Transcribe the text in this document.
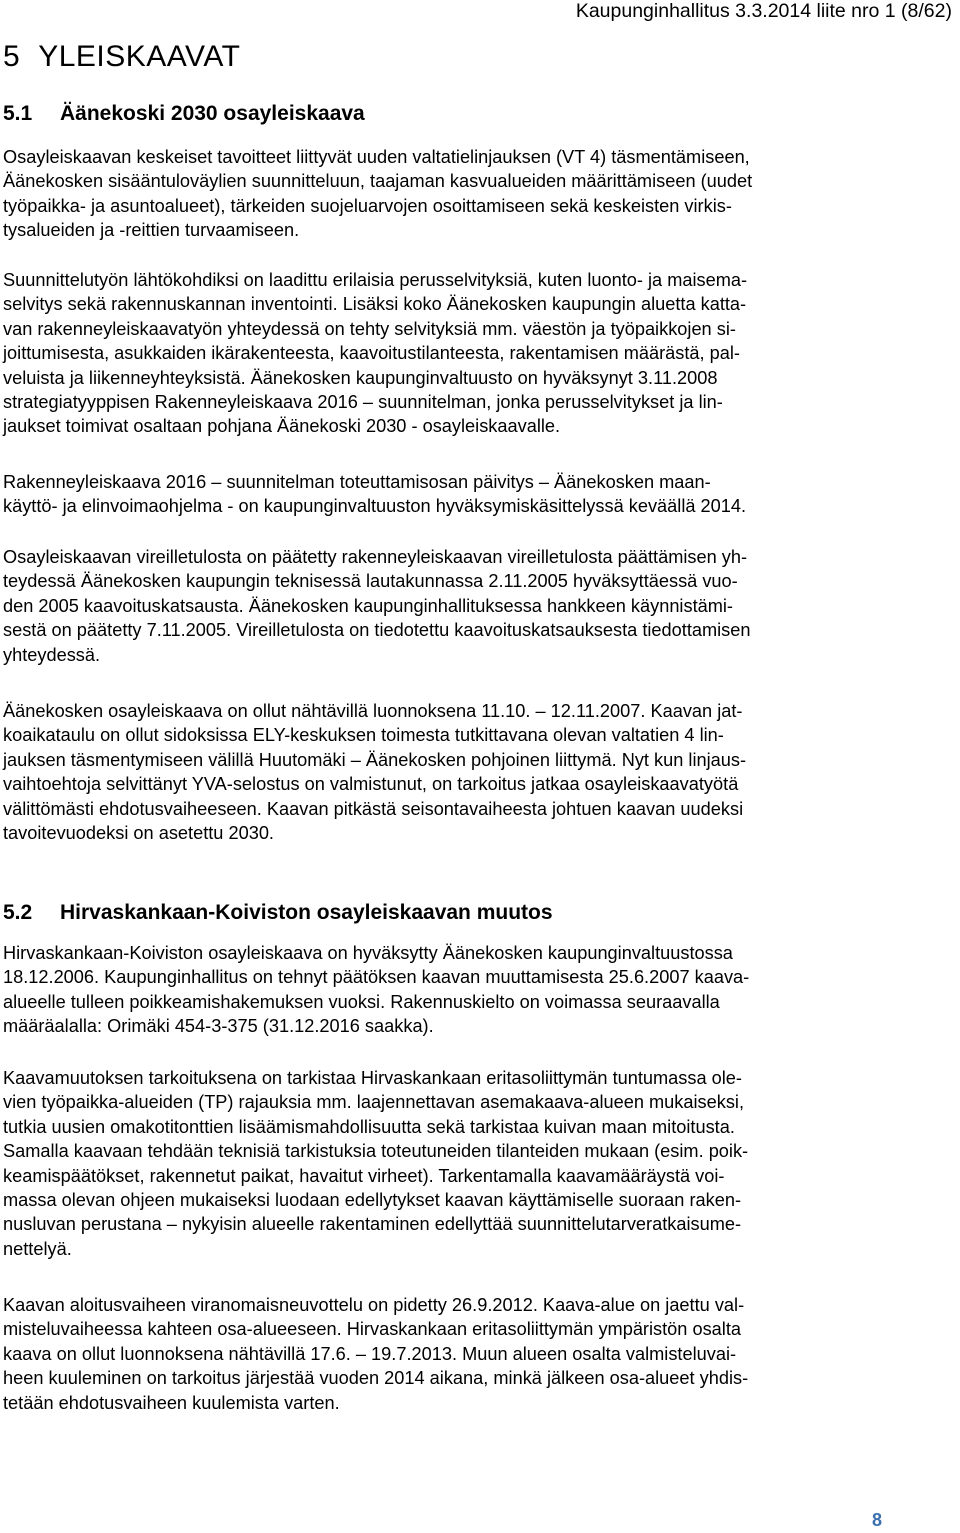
Kaupunginhallitus 3.3.2014 liite nro 1 (8/62)
5 YLEISKAAVAT
5.1 Äänekoski 2030 osayleiskaava

Osayleiskaavan keskeiset tavoitteet liittyvät uuden valtatielinjauksen (VT 4) täsmentämiseen,
Äänekosken sisääntuloväylien suunnitteluun, taajaman kasvualueiden määrittämiseen (uudet
työpaikka- ja asuntoalueet), tärkeiden suojeluarvojen osoittamiseen sekä keskeisten virkis-
tysalueiden ja -reittien turvaamiseen.

Suunnittelutyön lähtökohdiksi on laadittu erilaisia perusselvityksiä, kuten luonto- ja maisema-
selvitys sekä rakennuskannan inventointi. Lisäksi koko Äänekosken kaupungin aluetta katta-
van rakenneyleiskaavatyön yhteydessä on tehty selvityksiä mm. väestön ja työpaikkojen si-
joittumisesta, asukkaiden ikärakenteesta, kaavoitustilanteesta, rakentamisen määrästä, pal-
veluista ja liikenneyhteyksistä. Äänekosken kaupunginvaltuusto on hyväksynyt 3.11.2008
strategiatyyppisen Rakenneyleiskaava 2016 – suunnitelman, jonka perusselvitykset ja lin-
jaukset toimivat osaltaan pohjana Äänekoski 2030 - osayleiskaavalle.

Rakenneyleiskaava 2016 – suunnitelman toteuttamisosan päivitys – Äänekosken maan-
käyttö- ja elinvoimaohjelma - on kaupunginvaltuuston hyväksymiskäsittelyssä keväällä 2014.

Osayleiskaavan vireilletulosta on päätetty rakenneyleiskaavan vireilletulosta päättämisen yh-
teydessä Äänekosken kaupungin teknisessä lautakunnassa 2.11.2005 hyväksyttäessä vuo-
den 2005 kaavoituskatsausta. Äänekosken kaupunginhallituksessa hankkeen käynnistämi-
sestä on päätetty 7.11.2005. Vireilletulosta on tiedotettu kaavoituskatsauksesta tiedottamisen
yhteydessä.

Äänekosken osayleiskaava on ollut nähtävillä luonnoksena 11.10. – 12.11.2007. Kaavan jat-
koaikataulu on ollut sidoksissa ELY-keskuksen toimesta tutkittavana olevan valtatien 4 lin-
jauksen täsmentymiseen välillä Huutomäki – Äänekosken pohjoinen liittymä. Nyt kun linjaus-
vaihtoehtoja selvittänyt YVA-selostus on valmistunut, on tarkoitus jatkaa osayleiskaavatyötä
välittömästi ehdotusvaiheeseen. Kaavan pitkästä seisontavaiheesta johtuen kaavan uudeksi
tavoitevuodeksi on asetettu 2030.

5.2 Hirvaskankaan-Koiviston osayleiskaavan muutos

Hirvaskankaan-Koiviston osayleiskaava on hyväksytty Äänekosken kaupunginvaltuustossa
18.12.2006. Kaupunginhallitus on tehnyt päätöksen kaavan muuttamisesta 25.6.2007 kaava-
alueelle tulleen poikkeamishakemuksen vuoksi. Rakennuskielto on voimassa seuraavalla
määräalalla: Orimäki 454-3-375 (31.12.2016 saakka).

Kaavamuutoksen tarkoituksena on tarkistaa Hirvaskankaan eritasoliittymän tuntumassa ole-
vien työpaikka-alueiden (TP) rajauksia mm. laajennettavan asemakaava-alueen mukaiseksi,
tutkia uusien omakotitonttien lisäämismahdollisuutta sekä tarkistaa kuivan maan mitoitusta.
Samalla kaavaan tehdään teknisiä tarkistuksia toteutuneiden tilanteiden mukaan (esim. poik-
keamispäätökset, rakennetut paikat, havaitut virheet). Tarkentamalla kaavamääräystä voi-
massa olevan ohjeen mukaiseksi luodaan edellytykset kaavan käyttämiselle suoraan raken-
nusluvan perustana – nykyisin alueelle rakentaminen edellyttää suunnittelutarveratkaisume-
nettelyä.

Kaavan aloitusvaiheen viranomaisneuvottelu on pidetty 26.9.2012. Kaava-alue on jaettu val-
misteluvaiheessa kahteen osa-alueeseen. Hirvaskankaan eritasoliittymän ympäristön osalta
kaava on ollut luonnoksena nähtävillä 17.6. – 19.7.2013. Muun alueen osalta valmisteluvai-
heen kuuleminen on tarkoitus järjestää vuoden 2014 aikana, minkä jälkeen osa-alueet yhdis-
tetään ehdotusvaiheen kuulemista varten.

8
